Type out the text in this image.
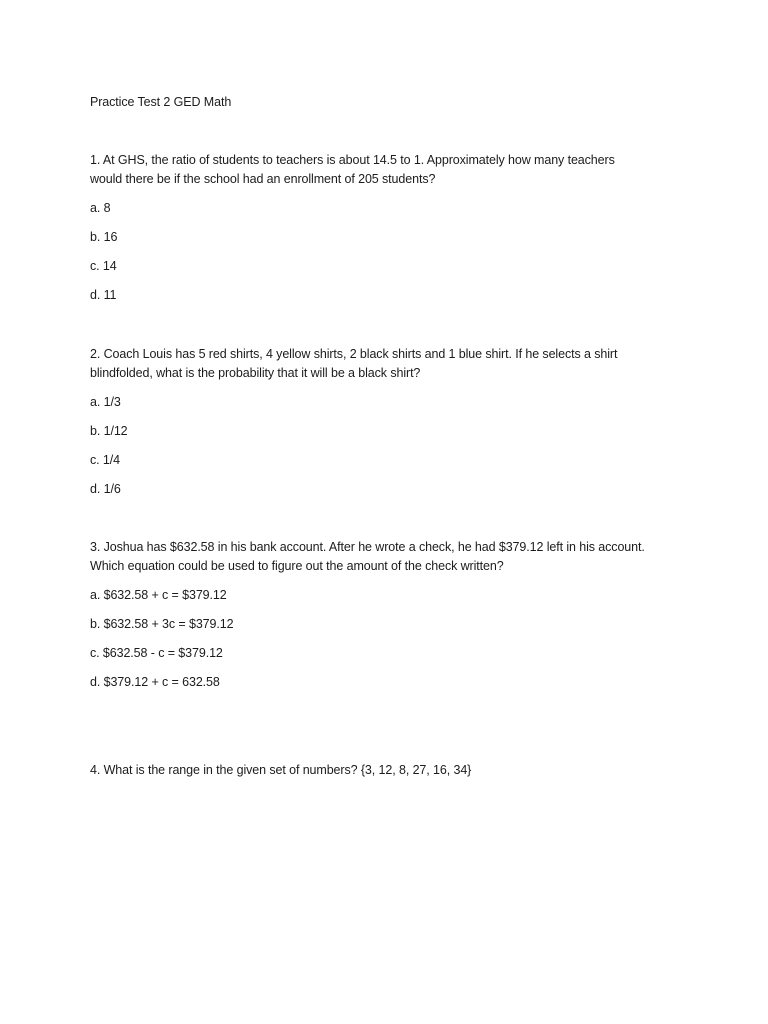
Practice Test 2 GED Math
1. At GHS, the ratio of students to teachers is about 14.5 to 1. Approximately how many teachers
would there be if the school had an enrollment of 205 students?
a. 8
b. 16
c. 14
d. 11
2. Coach Louis has 5 red shirts, 4 yellow shirts, 2 black shirts and 1 blue shirt. If he selects a shirt
blindfolded, what is the probability that it will be a black shirt?
a. 1/3
b. 1/12
c. 1/4
d. 1/6
3. Joshua has $632.58 in his bank account. After he wrote a check, he had $379.12 left in his account.
Which equation could be used to figure out the amount of the check written?
a. $632.58 + c = $379.12
b. $632.58 + 3c = $379.12
c. $632.58 - c = $379.12
d. $379.12 + c = 632.58
4. What is the range in the given set of numbers? {3, 12, 8, 27, 16, 34}
